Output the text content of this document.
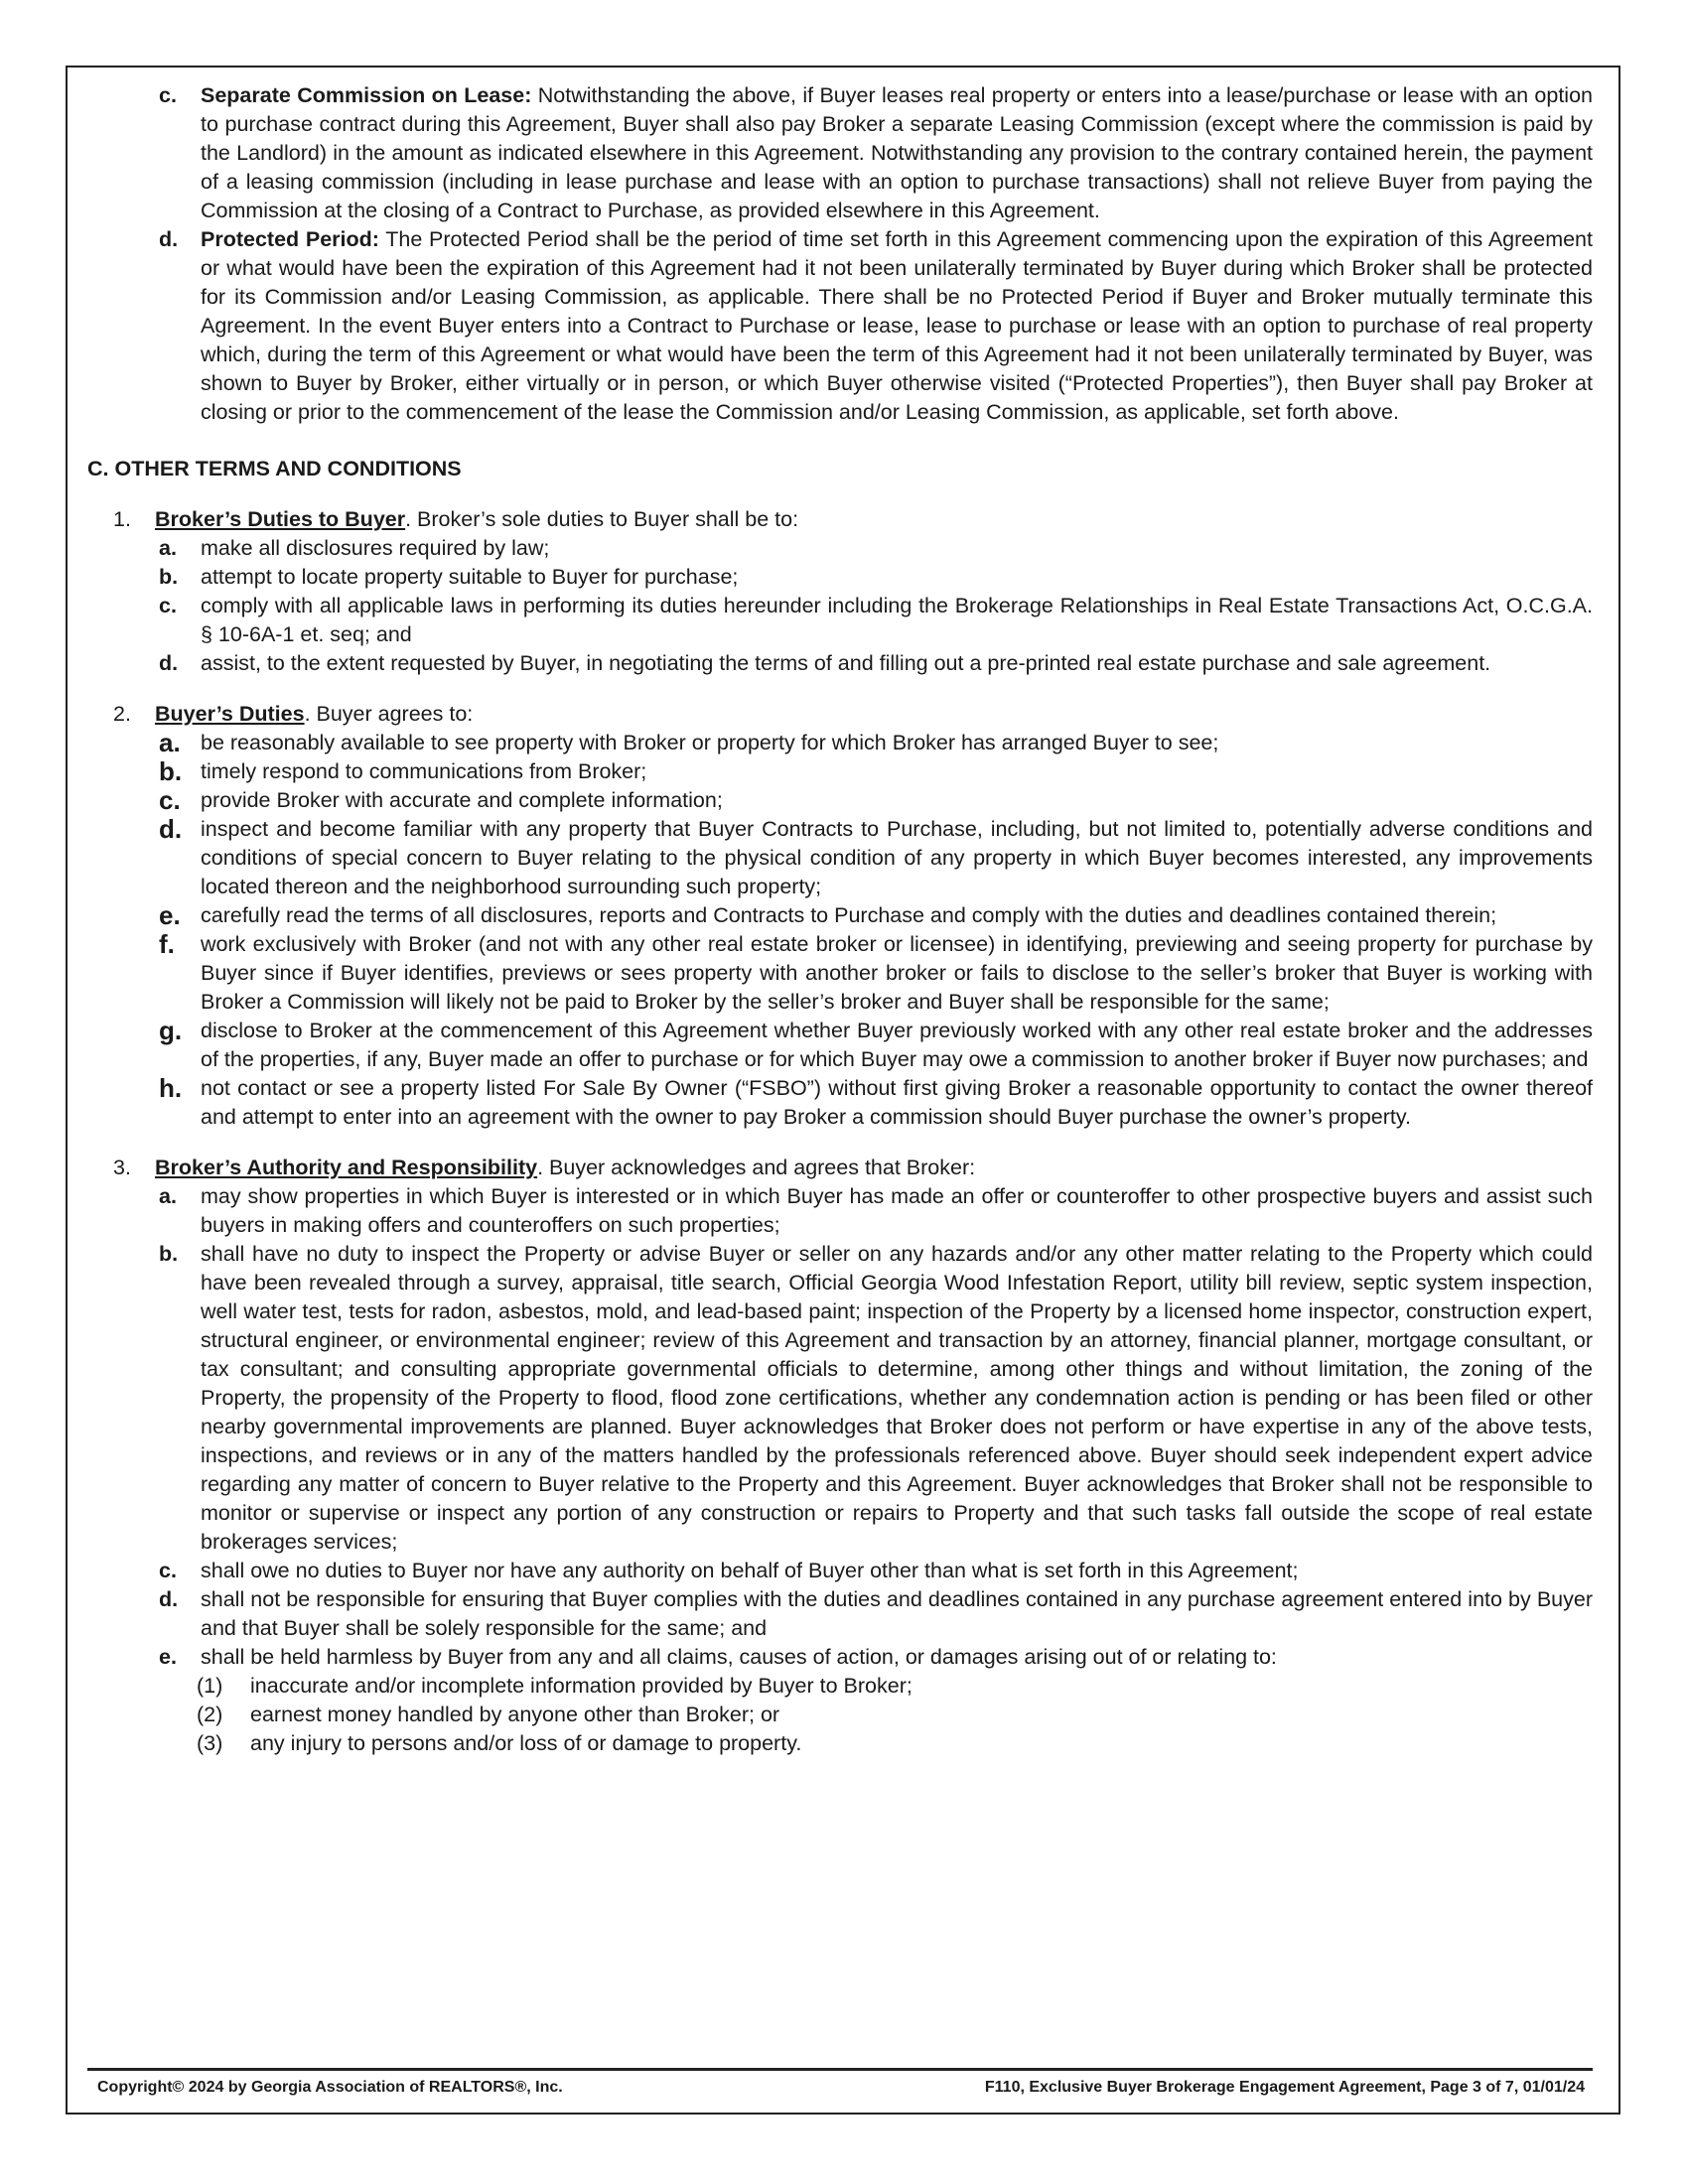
c. Separate Commission on Lease: Notwithstanding the above, if Buyer leases real property or enters into a lease/purchase or lease with an option to purchase contract during this Agreement, Buyer shall also pay Broker a separate Leasing Commission (except where the commission is paid by the Landlord) in the amount as indicated elsewhere in this Agreement. Notwithstanding any provision to the contrary contained herein, the payment of a leasing commission (including in lease purchase and lease with an option to purchase transactions) shall not relieve Buyer from paying the Commission at the closing of a Contract to Purchase, as provided elsewhere in this Agreement.
d. Protected Period: The Protected Period shall be the period of time set forth in this Agreement commencing upon the expiration of this Agreement or what would have been the expiration of this Agreement had it not been unilaterally terminated by Buyer during which Broker shall be protected for its Commission and/or Leasing Commission, as applicable. There shall be no Protected Period if Buyer and Broker mutually terminate this Agreement. In the event Buyer enters into a Contract to Purchase or lease, lease to purchase or lease with an option to purchase of real property which, during the term of this Agreement or what would have been the term of this Agreement had it not been unilaterally terminated by Buyer, was shown to Buyer by Broker, either virtually or in person, or which Buyer otherwise visited (“Protected Properties”), then Buyer shall pay Broker at closing or prior to the commencement of the lease the Commission and/or Leasing Commission, as applicable, set forth above.
C. OTHER TERMS AND CONDITIONS
1. Broker’s Duties to Buyer. Broker’s sole duties to Buyer shall be to:
a. make all disclosures required by law;
b. attempt to locate property suitable to Buyer for purchase;
c. comply with all applicable laws in performing its duties hereunder including the Brokerage Relationships in Real Estate Transactions Act, O.C.G.A. § 10-6A-1 et. seq; and
d. assist, to the extent requested by Buyer, in negotiating the terms of and filling out a pre-printed real estate purchase and sale agreement.
2. Buyer’s Duties. Buyer agrees to:
a. be reasonably available to see property with Broker or property for which Broker has arranged Buyer to see;
b. timely respond to communications from Broker;
c. provide Broker with accurate and complete information;
d. inspect and become familiar with any property that Buyer Contracts to Purchase, including, but not limited to, potentially adverse conditions and conditions of special concern to Buyer relating to the physical condition of any property in which Buyer becomes interested, any improvements located thereon and the neighborhood surrounding such property;
e. carefully read the terms of all disclosures, reports and Contracts to Purchase and comply with the duties and deadlines contained therein;
f. work exclusively with Broker (and not with any other real estate broker or licensee) in identifying, previewing and seeing property for purchase by Buyer since if Buyer identifies, previews or sees property with another broker or fails to disclose to the seller’s broker that Buyer is working with Broker a Commission will likely not be paid to Broker by the seller’s broker and Buyer shall be responsible for the same;
g. disclose to Broker at the commencement of this Agreement whether Buyer previously worked with any other real estate broker and the addresses of the properties, if any, Buyer made an offer to purchase or for which Buyer may owe a commission to another broker if Buyer now purchases; and
h. not contact or see a property listed For Sale By Owner (“FSBO”) without first giving Broker a reasonable opportunity to contact the owner thereof and attempt to enter into an agreement with the owner to pay Broker a commission should Buyer purchase the owner’s property.
3. Broker’s Authority and Responsibility. Buyer acknowledges and agrees that Broker:
a. may show properties in which Buyer is interested or in which Buyer has made an offer or counteroffer to other prospective buyers and assist such buyers in making offers and counteroffers on such properties;
b. shall have no duty to inspect the Property or advise Buyer or seller on any hazards and/or any other matter relating to the Property which could have been revealed through a survey, appraisal, title search, Official Georgia Wood Infestation Report, utility bill review, septic system inspection, well water test, tests for radon, asbestos, mold, and lead-based paint; inspection of the Property by a licensed home inspector, construction expert, structural engineer, or environmental engineer; review of this Agreement and transaction by an attorney, financial planner, mortgage consultant, or tax consultant; and consulting appropriate governmental officials to determine, among other things and without limitation, the zoning of the Property, the propensity of the Property to flood, flood zone certifications, whether any condemnation action is pending or has been filed or other nearby governmental improvements are planned. Buyer acknowledges that Broker does not perform or have expertise in any of the above tests, inspections, and reviews or in any of the matters handled by the professionals referenced above. Buyer should seek independent expert advice regarding any matter of concern to Buyer relative to the Property and this Agreement. Buyer acknowledges that Broker shall not be responsible to monitor or supervise or inspect any portion of any construction or repairs to Property and that such tasks fall outside the scope of real estate brokerages services;
c. shall owe no duties to Buyer nor have any authority on behalf of Buyer other than what is set forth in this Agreement;
d. shall not be responsible for ensuring that Buyer complies with the duties and deadlines contained in any purchase agreement entered into by Buyer and that Buyer shall be solely responsible for the same; and
e. shall be held harmless by Buyer from any and all claims, causes of action, or damages arising out of or relating to:
(1) inaccurate and/or incomplete information provided by Buyer to Broker;
(2) earnest money handled by anyone other than Broker; or
(3) any injury to persons and/or loss of or damage to property.
Copyright© 2024 by Georgia Association of REALTORS®, Inc.	F110, Exclusive Buyer Brokerage Engagement Agreement, Page 3 of 7, 01/01/24
